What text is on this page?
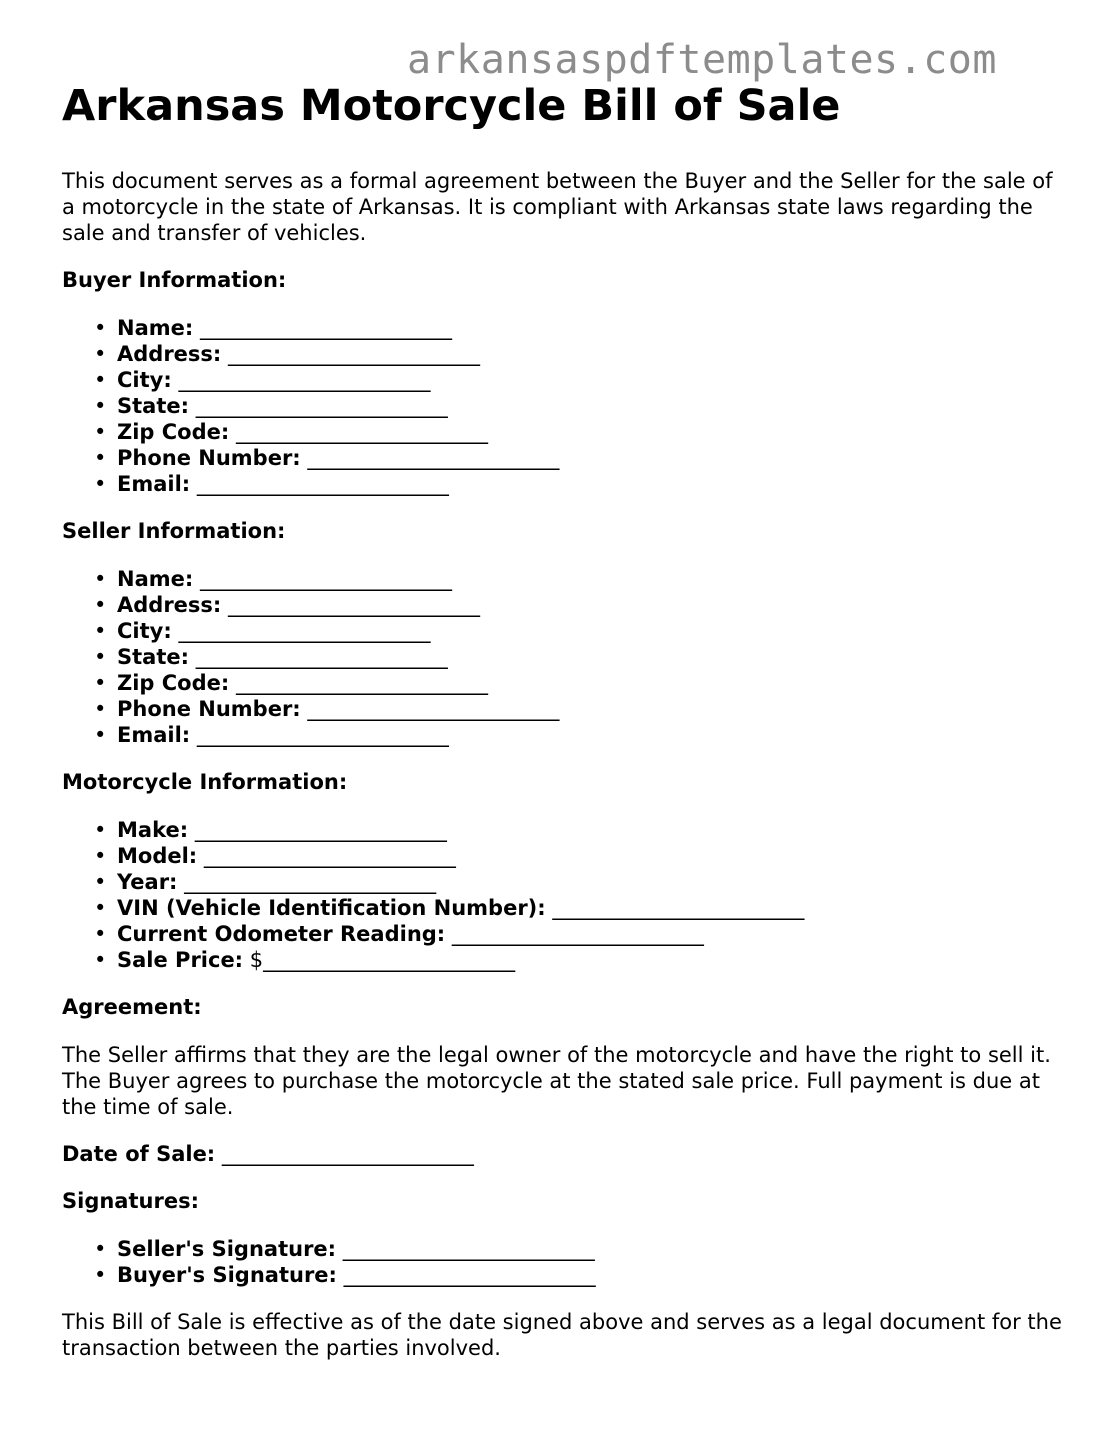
arkansaspdftemplates.com
Arkansas Motorcycle Bill of Sale

This document serves as a formal agreement between the Buyer and the Seller for the sale of a motorcycle in the state of Arkansas. It is compliant with Arkansas state laws regarding the sale and transfer of vehicles.

Buyer Information:
• Name: ________________________
• Address: ________________________
• City: ________________________
• State: ________________________
• Zip Code: ________________________
• Phone Number: ________________________
• Email: ________________________
Seller Information:
• Name: ________________________
• Address: ________________________
• City: ________________________
• State: ________________________
• Zip Code: ________________________
• Phone Number: ________________________
• Email: ________________________
Motorcycle Information:
• Make: ________________________
• Model: ________________________
• Year: ________________________
• VIN (Vehicle Identification Number): ________________________
• Current Odometer Reading: ________________________
• Sale Price: $________________________
Agreement:

The Seller affirms that they are the legal owner of the motorcycle and have the right to sell it. The Buyer agrees to purchase the motorcycle at the stated sale price. Full payment is due at the time of sale.

Date of Sale: ________________________
Signatures:
• Seller's Signature: ________________________
• Buyer's Signature: ________________________

This Bill of Sale is effective as of the date signed above and serves as a legal document for the transaction between the parties involved.
